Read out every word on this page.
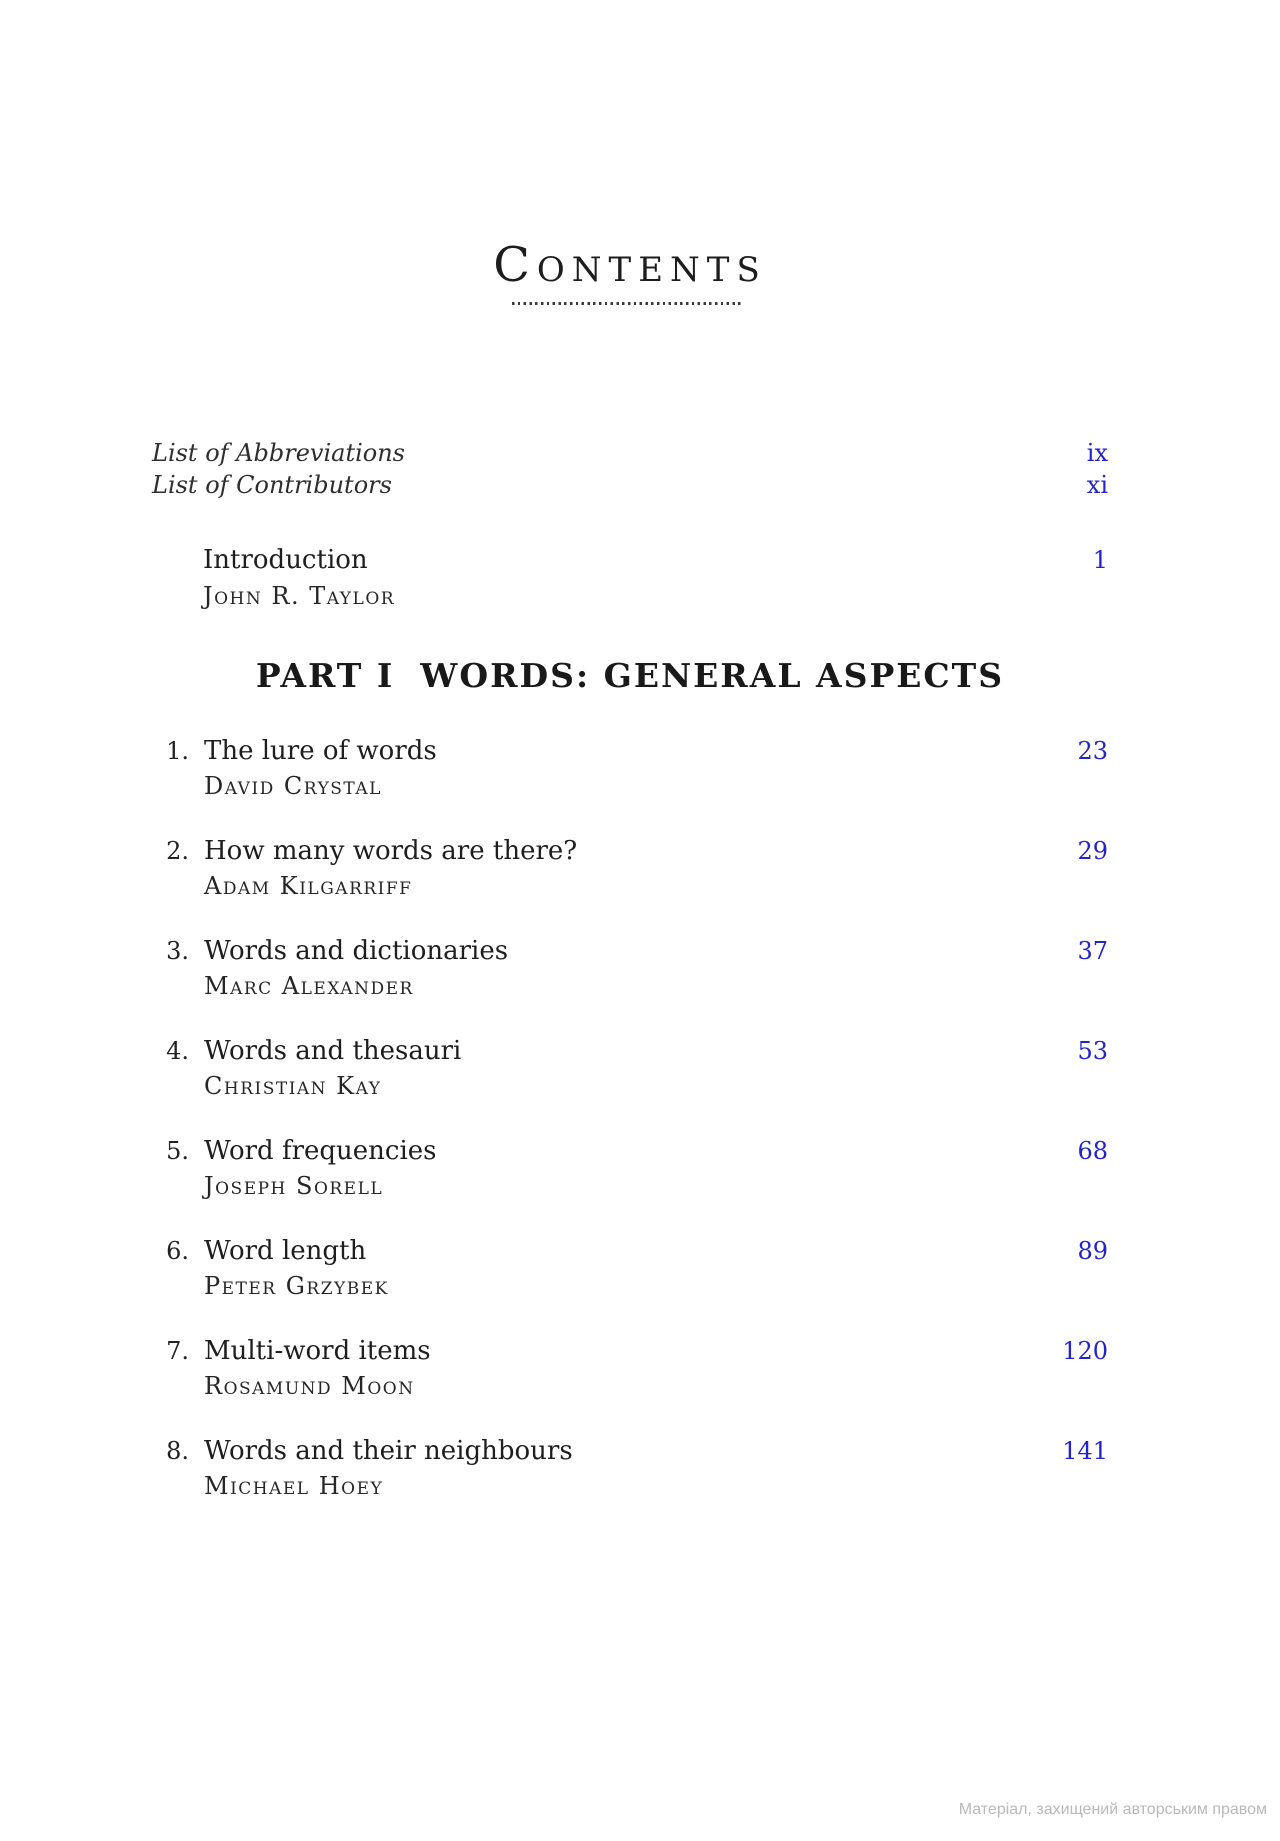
Contents
List of Abbreviations	ix
List of Contributors	xi
Introduction	1
John R. Taylor
PART I WORDS: GENERAL ASPECTS
1. The lure of words	23
David Crystal
2. How many words are there?	29
Adam Kilgarriff
3. Words and dictionaries	37
Marc Alexander
4. Words and thesauri	53
Christian Kay
5. Word frequencies	68
Joseph Sorell
6. Word length	89
Peter Grzybek
7. Multi-word items	120
Rosamund Moon
8. Words and their neighbours	141
Michael Hoey
Матеріал, захищений авторським правом
